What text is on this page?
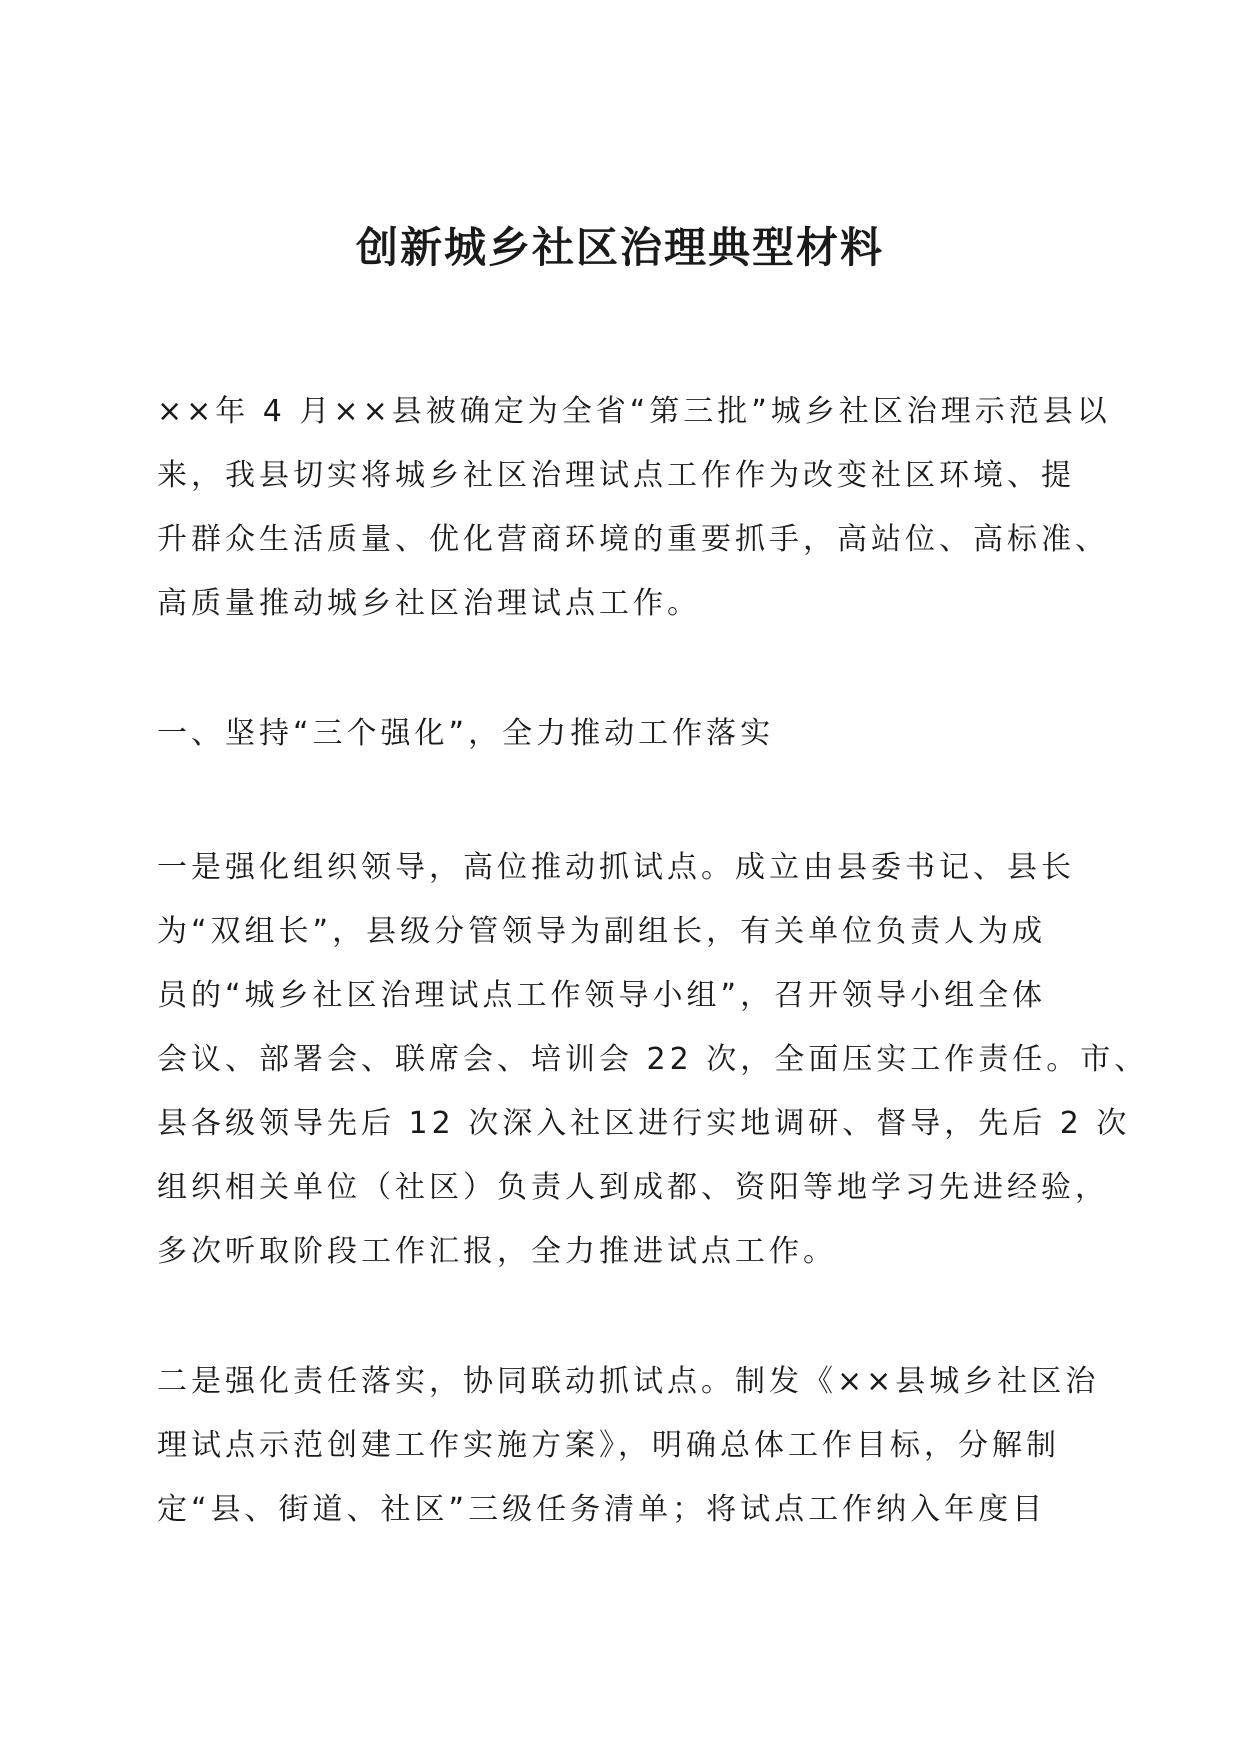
创新城乡社区治理典型材料
××年 4 月××县被确定为全省“第三批”城乡社区治理示范县以
来，我县切实将城乡社区治理试点工作作为改变社区环境、提
升群众生活质量、优化营商环境的重要抓手，高站位、高标准、
高质量推动城乡社区治理试点工作。
一、坚持“三个强化”，全力推动工作落实
一是强化组织领导，高位推动抓试点。成立由县委书记、县长
为“双组长”，县级分管领导为副组长，有关单位负责人为成
员的“城乡社区治理试点工作领导小组”，召开领导小组全体
会议、部署会、联席会、培训会 22 次，全面压实工作责任。市、
县各级领导先后 12 次深入社区进行实地调研、督导，先后 2 次
组织相关单位（社区）负责人到成都、资阳等地学习先进经验，
多次听取阶段工作汇报，全力推进试点工作。
二是强化责任落实，协同联动抓试点。制发《××县城乡社区治
理试点示范创建工作实施方案》，明确总体工作目标，分解制
定“县、街道、社区”三级任务清单；将试点工作纳入年度目
